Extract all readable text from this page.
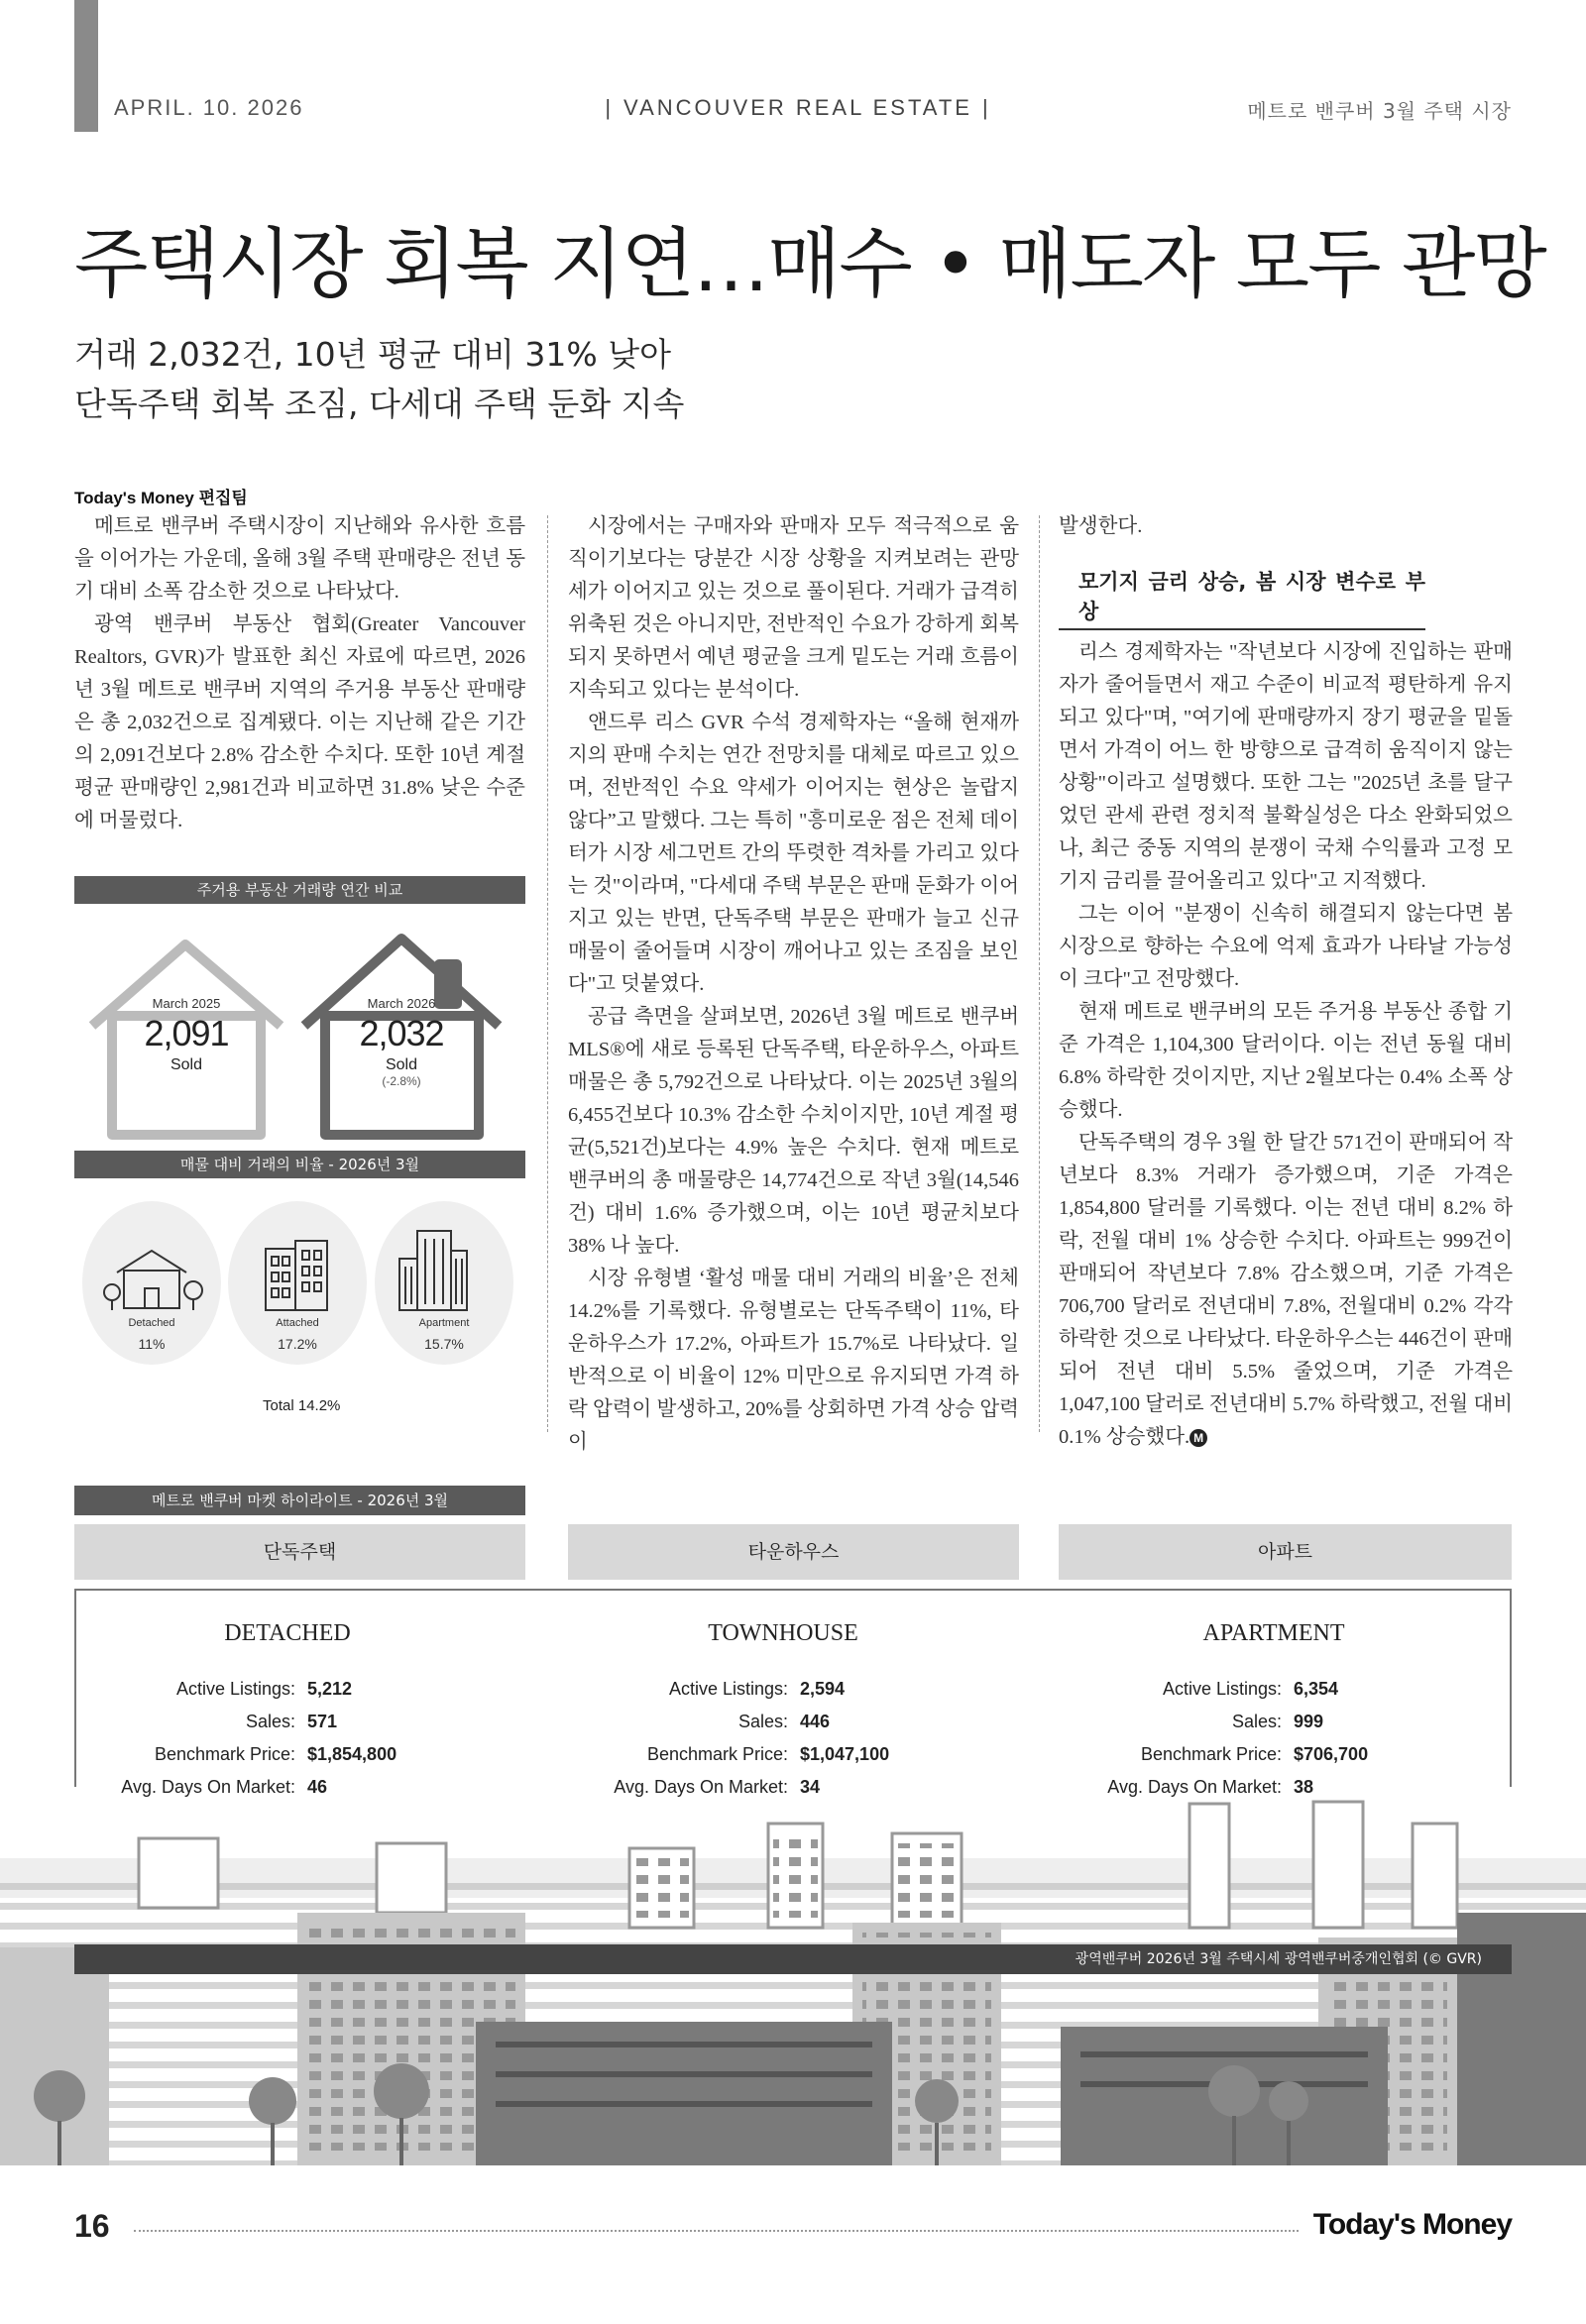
APRIL. 10. 2026	| VANCOUVER REAL ESTATE |	메트로 밴쿠버 3월 주택 시장
주택시장 회복 지연…매수 • 매도자 모두 관망
거래 2,032건, 10년 평균 대비 31% 낮아
단독주택 회복 조짐, 다세대 주택 둔화 지속
Today's Money 편집팀

메트로 밴쿠버 주택시장이 지난해와 유사한 흐름을 이어가는 가운데, 올해 3월 주택 판매량은 전년 동기 대비 소폭 감소한 것으로 나타났다.

광역 밴쿠버 부동산 협회(Greater Vancouver Realtors, GVR)가 발표한 최신 자료에 따르면, 2026년 3월 메트로 밴쿠버 지역의 주거용 부동산 판매량은 총 2,032건으로 집계됐다. 이는 지난해 같은 기간의 2,091건보다 2.8% 감소한 수치다. 또한 10년 계절 평균 판매량인 2,981건과 비교하면 31.8% 낮은 수준에 머물렀다.

시장에서는 구매자와 판매자 모두 적극적으로 움직이기보다는 당분간 시장 상황을 지켜보려는 관망세가 이어지고 있는 것으로 풀이된다. 거래가 급격히 위축된 것은 아니지만, 전반적인 수요가 강하게 회복되지 못하면서 예년 평균을 크게 밑도는 거래 흐름이 지속되고 있다는 분석이다.

앤드루 리스 GVR 수석 경제학자는 “올해 현재까지의 판매 수치는 연간 전망치를 대체로 따르고 있으며, 전반적인 수요 약세가 이어지는 현상은 놀랍지 않다”고 말했다. 그는 특히 "흥미로운 점은 전체 데이터가 시장 세그먼트 간의 뚜렷한 격차를 가리고 있다는 것"이라며, "다세대 주택 부문은 판매 둔화가 이어지고 있는 반면, 단독주택 부문은 판매가 늘고 신규 매물이 줄어들며 시장이 깨어나고 있는 조짐을 보인다"고 덧붙였다.

공급 측면을 살펴보면, 2026년 3월 메트로 밴쿠버 MLS®에 새로 등록된 단독주택, 타운하우스, 아파트 매물은 총 5,792건으로 나타났다. 이는 2025년 3월의 6,455건보다 10.3% 감소한 수치이지만, 10년 계절 평균(5,521건)보다는 4.9% 높은 수치다. 현재 메트로 밴쿠버의 총 매물량은 14,774건으로 작년 3월(14,546건) 대비 1.6% 증가했으며, 이는 10년 평균치보다 38% 나 높다.

시장 유형별 ‘활성 매물 대비 거래의 비율’은 전체 14.2%를 기록했다. 유형별로는 단독주택이 11%, 타운하우스가 17.2%, 아파트가 15.7%로 나타났다. 일반적으로 이 비율이 12% 미만으로 유지되면 가격 하락 압력이 발생하고, 20%를 상회하면 가격 상승 압력이

발생한다.

모기지 금리 상승, 봄 시장 변수로 부상

리스 경제학자는 "작년보다 시장에 진입하는 판매자가 줄어들면서 재고 수준이 비교적 평탄하게 유지되고 있다"며, "여기에 판매량까지 장기 평균을 밑돌면서 가격이 어느 한 방향으로 급격히 움직이지 않는 상황"이라고 설명했다. 또한 그는 "2025년 초를 달구었던 관세 관련 정치적 불확실성은 다소 완화되었으나, 최근 중동 지역의 분쟁이 국채 수익률과 고정 모기지 금리를 끌어올리고 있다"고 지적했다.

그는 이어 "분쟁이 신속히 해결되지 않는다면 봄 시장으로 향하는 수요에 억제 효과가 나타날 가능성이 크다"고 전망했다.

현재 메트로 밴쿠버의 모든 주거용 부동산 종합 기준 가격은 1,104,300 달러이다. 이는 전년 동월 대비 6.8% 하락한 것이지만, 지난 2월보다는 0.4% 소폭 상승했다.

단독주택의 경우 3월 한 달간 571건이 판매되어 작년보다 8.3% 거래가 증가했으며, 기준 가격은 1,854,800 달러를 기록했다. 이는 전년 대비 8.2% 하락, 전월 대비 1% 상승한 수치다. 아파트는 999건이 판매되어 작년보다 7.8% 감소했으며, 기준 가격은 706,700 달러로 전년대비 7.8%, 전월대비 0.2% 각각 하락한 것으로 나타났다. 타운하우스는 446건이 판매되어 전년 대비 5.5% 줄었으며, 기준 가격은 1,047,100 달러로 전년대비 5.7% 하락했고, 전월 대비 0.1% 상승했다. M

주거용 부동산 거래량 연간 비교
March 2025
2,091
Sold
March 2026
2,032
Sold
(-2.8%)
매물 대비 거래의 비율 - 2026년 3월
Detached
11%
Attached
17.2%
Apartment
15.7%
Total 14.2%
메트로 밴쿠버 마켓 하이라이트 - 2026년 3월
단독주택	타운하우스	아파트
DETACHED	TOWNHOUSE	APARTMENT
Active Listings: 5,212
Sales: 571
Benchmark Price: $1,854,800
Avg. Days On Market: 46
Active Listings: 2,594
Sales: 446
Benchmark Price: $1,047,100
Avg. Days On Market: 34
Active Listings: 6,354
Sales: 999
Benchmark Price: $706,700
Avg. Days On Market: 38
광역밴쿠버 2026년 3월 주택시세 광역밴쿠버중개인협회 (© GVR)
16	Today's Money
